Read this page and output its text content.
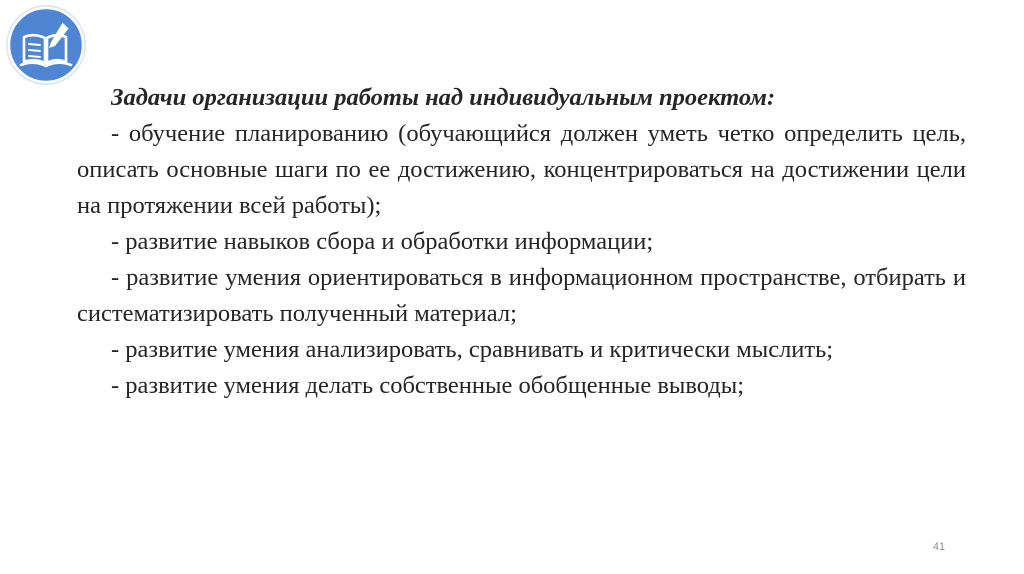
Задачи организации работы над индивидуальным проектом:

- обучение планированию (обучающийся должен уметь четко определить цель, описать основные шаги по ее достижению, концентрироваться на достижении цели на протяжении всей работы);

- развитие навыков сбора и обработки информации;

- развитие умения ориентироваться в информационном пространстве, отбирать и систематизировать полученный материал;

- развитие умения анализировать, сравнивать и критически мыслить;

- развитие умения делать собственные обобщенные выводы;

41
